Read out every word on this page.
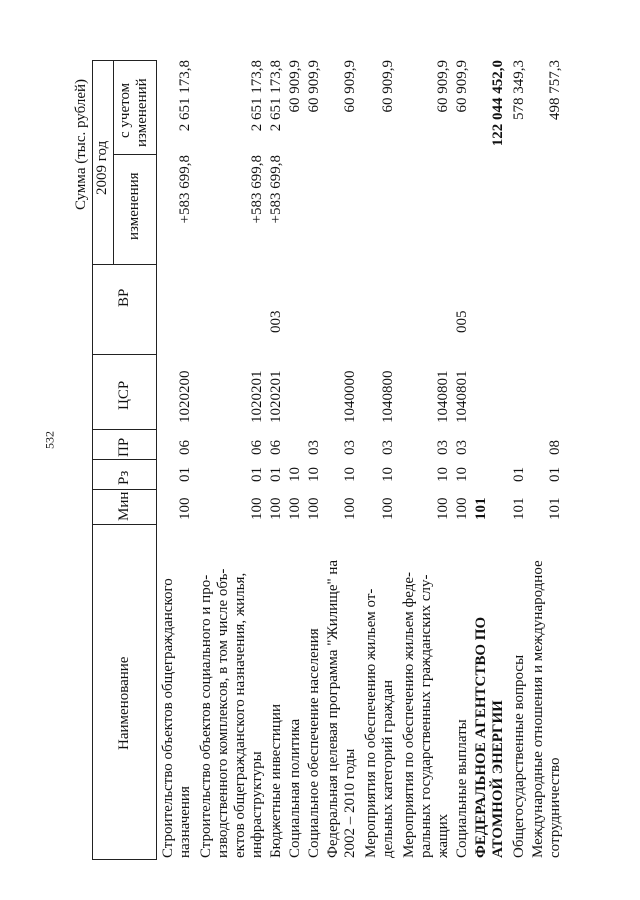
532
Сумма (тыс. рублей)
Наименование
Мин
Рз
ПР
ЦСР
ВР
2009 год
изменения
с учетом изменений
Строительство объектов общегражданского назначения
100
01
06
1020200
+583 699,8
2 651 173,8
Строительство объектов социального и про- изводственного комплексов, в том числе объ- ектов общегражданского назначения, жилья, инфраструктуры
100
01
06
1020201
+583 699,8
2 651 173,8
Бюджетные инвестиции
100
01
06
1020201
003
+583 699,8
2 651 173,8
Социальная политика
100
10
60 909,9
Социальное обеспечение населения
100
10
03
60 909,9
Федеральная целевая программа "Жилище" на 2002 – 2010 годы
100
10
03
1040000
60 909,9
Мероприятия по обеспечению жильем от- дельных категорий граждан
100
10
03
1040800
60 909,9
Мероприятия по обеспечению жильем феде- ральных государственных гражданских слу- жащих
100
10
03
1040801
60 909,9
Социальные выплаты
100
10
03
1040801
005
60 909,9
ФЕДЕРАЛЬНОЕ АГЕНТСТВО ПО АТОМНОЙ ЭНЕРГИИ
101
122 044 452,0
Общегосударственные вопросы
101
01
578 349,3
Международные отношения и международное сотрудничество
101
01
08
498 757,3
